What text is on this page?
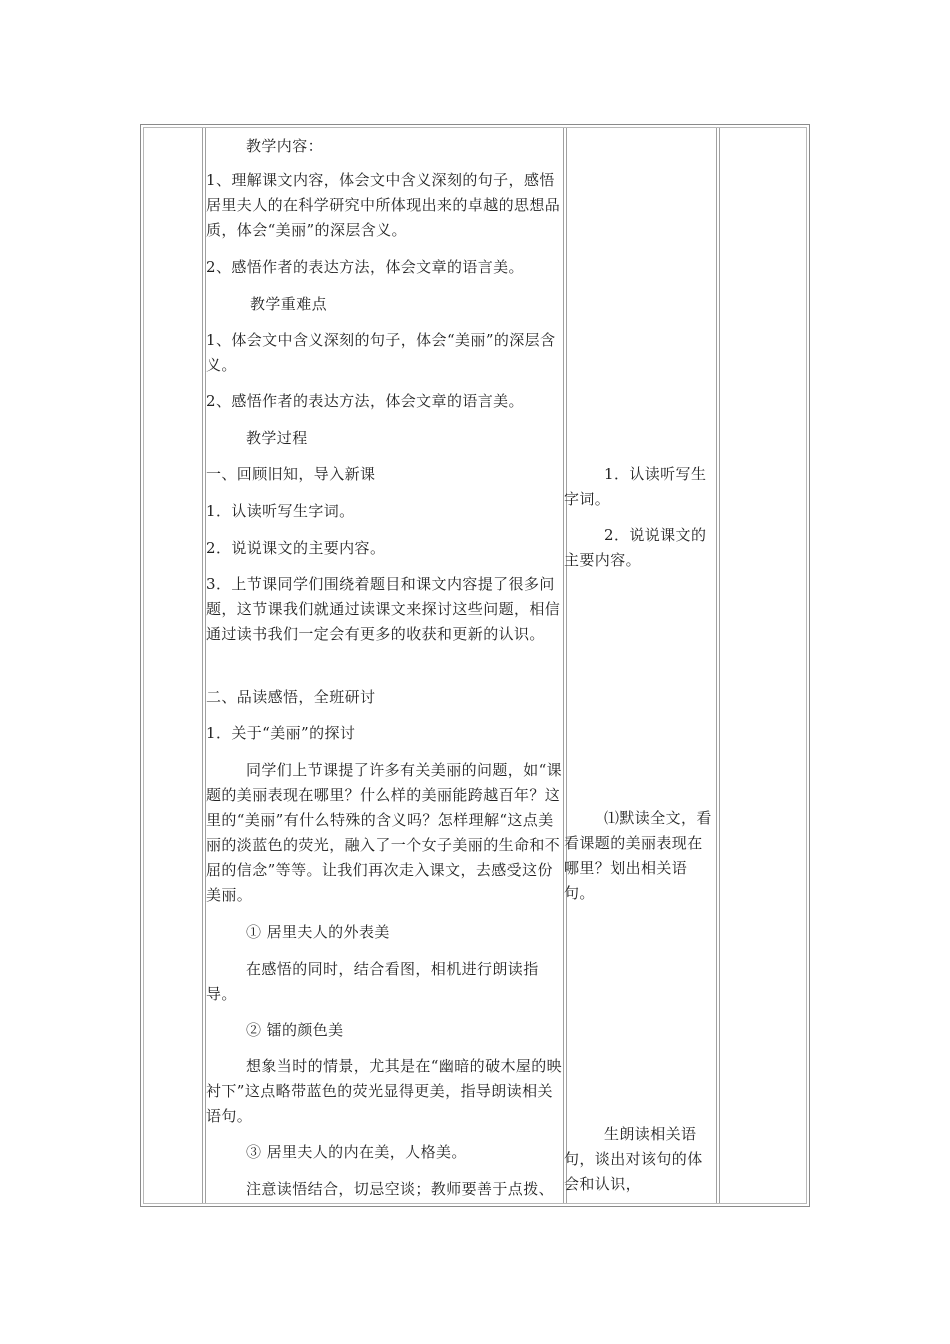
教学内容：

1、理解课文内容，体会文中含义深刻的句子，感悟居里夫人的在科学研究中所体现出来的卓越的思想品质，体会“美丽”的深层含义。

2、感悟作者的表达方法，体会文章的语言美。

教学重难点

1、体会文中含义深刻的句子，体会“美丽”的深层含义。

2、感悟作者的表达方法，体会文章的语言美。

教学过程

一、回顾旧知，导入新课

1．认读听写生字词。

2．说说课文的主要内容。

3．上节课同学们围绕着题目和课文内容提了很多问题，这节课我们就通过读课文来探讨这些问题，相信通过读书我们一定会有更多的收获和更新的认识。

二、品读感悟，全班研讨

1．关于“美丽”的探讨

同学们上节课提了许多有关美丽的问题，如“课题的美丽表现在哪里？什么样的美丽能跨越百年？这里的“美丽”有什么特殊的含义吗？怎样理解“这点美丽的淡蓝色的荧光，融入了一个女子美丽的生命和不屈的信念”等等。让我们再次走入课文，去感受这份美丽。

① 居里夫人的外表美

在感悟的同时，结合看图，相机进行朗读指导。

② 镭的颜色美

想象当时的情景，尤其是在“幽暗的破木屋的映衬下”这点略带蓝色的荧光显得更美，指导朗读相关语句。

③ 居里夫人的内在美，人格美。

注意读悟结合，切忌空谈；教师要善于点拨、

1．认读听写生字词。

2．说说课文的主要内容。

⑴默读全文，看看课题的美丽表现在哪里？划出相关语句。

生朗读相关语句，谈出对该句的体会和认识，
